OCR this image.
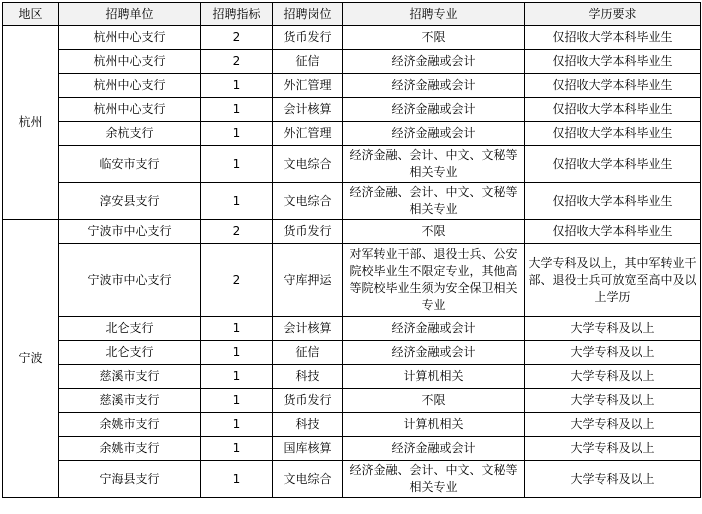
地区	招聘单位	招聘指标	招聘岗位	招聘专业	学历要求
杭州	杭州中心支行	2	货币发行	不限	仅招收大学本科毕业生
	杭州中心支行	2	征信	经济金融或会计	仅招收大学本科毕业生
	杭州中心支行	1	外汇管理	经济金融或会计	仅招收大学本科毕业生
	杭州中心支行	1	会计核算	经济金融或会计	仅招收大学本科毕业生
	余杭支行	1	外汇管理	经济金融或会计	仅招收大学本科毕业生
	临安市支行	1	文电综合	经济金融、会计、中文、文秘等相关专业	仅招收大学本科毕业生
	淳安县支行	1	文电综合	经济金融、会计、中文、文秘等相关专业	仅招收大学本科毕业生
宁波	宁波市中心支行	2	货币发行	不限	仅招收大学本科毕业生
	宁波市中心支行	2	守库押运	对军转业干部、退役士兵、公安院校毕业生不限定专业，其他高等院校毕业生须为安全保卫相关专业	大学专科及以上，其中军转业干部、退役士兵可放宽至高中及以上学历
	北仑支行	1	会计核算	经济金融或会计	大学专科及以上
	北仑支行	1	征信	经济金融或会计	大学专科及以上
	慈溪市支行	1	科技	计算机相关	大学专科及以上
	慈溪市支行	1	货币发行	不限	大学专科及以上
	余姚市支行	1	科技	计算机相关	大学专科及以上
	余姚市支行	1	国库核算	经济金融或会计	大学专科及以上
	宁海县支行	1	文电综合	经济金融、会计、中文、文秘等相关专业	大学专科及以上
